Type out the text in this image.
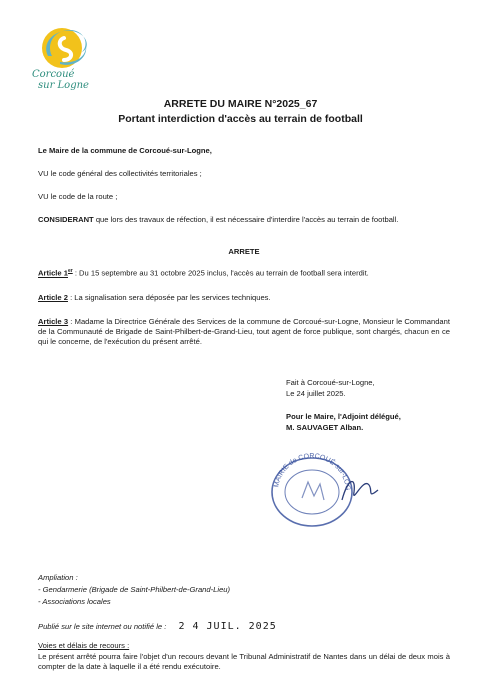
Corcoué
sur Logne
ARRETE DU MAIRE N°2025_67
Portant interdiction d'accès au terrain de football
Le Maire de la commune de Corcoué-sur-Logne,
VU le code général des collectivités territoriales ;
VU le code de la route ;
CONSIDERANT que lors des travaux de réfection, il est nécessaire d'interdire l'accès au terrain de football.
ARRETE
Article 1er : Du 15 septembre au 31 octobre 2025 inclus, l'accès au terrain de football sera interdit.
Article 2 : La signalisation sera déposée par les services techniques.
Article 3 : Madame la Directrice Générale des Services de la commune de Corcoué-sur-Logne, Monsieur le Commandant de la Communauté de Brigade de Saint-Philbert-de-Grand-Lieu, tout agent de force publique, sont chargés, chacun en ce qui le concerne, de l'exécution du présent arrêté.
Fait à Corcoué-sur-Logne,
Le 24 juillet 2025.
Pour le Maire, l'Adjoint délégué,
M. SAUVAGET Alban.
MAIRIE de CORCOUÉ-sur-LOG
Ampliation :
- Gendarmerie (Brigade de Saint-Philbert-de-Grand-Lieu)
- Associations locales
Publié sur le site internet ou notifié le : 2 4 JUIL. 2025
Voies et délais de recours :
Le présent arrêté pourra faire l'objet d'un recours devant le Tribunal Administratif de Nantes dans un délai de deux mois à compter de la date à laquelle il a été rendu exécutoire.
